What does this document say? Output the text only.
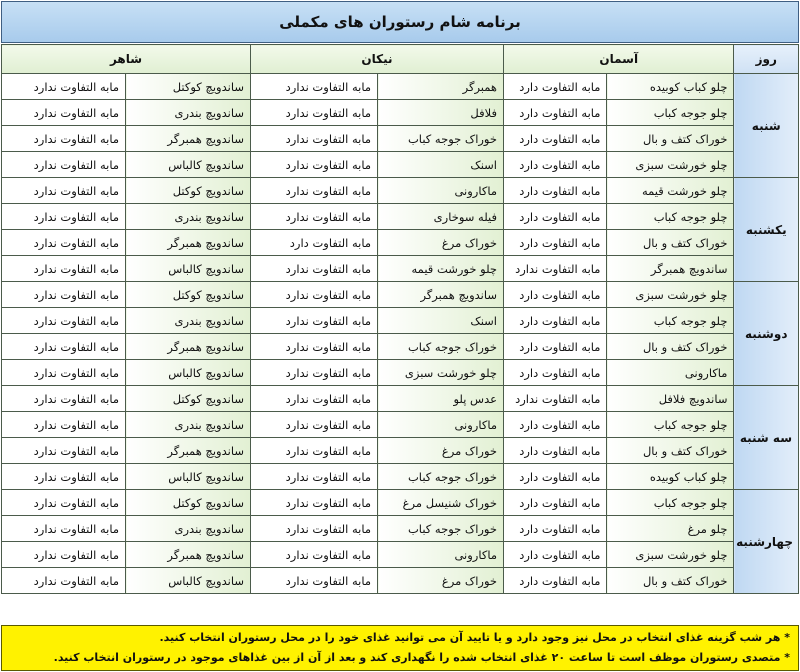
برنامه شام رستوران های مکملی
روز	آسمان		نیکان		شاهر	
شنبه	چلو کباب کوبیده	مابه التفاوت دارد	همبرگر	مابه التفاوت ندارد	ساندویچ کوکتل	مابه التفاوت ندارد
	چلو جوجه کباب	مابه التفاوت دارد	فلافل	مابه التفاوت ندارد	ساندویچ بندری	مابه التفاوت ندارد
	خوراک کتف و بال	مابه التفاوت دارد	خوراک جوجه کباب	مابه التفاوت ندارد	ساندویچ همبرگر	مابه التفاوت ندارد
	چلو خورشت سبزی	مابه التفاوت دارد	اسنک	مابه التفاوت ندارد	ساندویچ کالباس	مابه التفاوت ندارد
یکشنبه	چلو خورشت قیمه	مابه التفاوت دارد	ماکارونی	مابه التفاوت ندارد	ساندویچ کوکتل	مابه التفاوت ندارد
	چلو جوجه کباب	مابه التفاوت دارد	فیله سوخاری	مابه التفاوت ندارد	ساندویچ بندری	مابه التفاوت ندارد
	خوراک کتف و بال	مابه التفاوت دارد	خوراک مرغ	مابه التفاوت دارد	ساندویچ همبرگر	مابه التفاوت ندارد
	ساندویچ همبرگر	مابه التفاوت ندارد	چلو خورشت قیمه	مابه التفاوت ندارد	ساندویچ کالباس	مابه التفاوت ندارد
دوشنبه	چلو خورشت سبزی	مابه التفاوت دارد	ساندویچ همبرگر	مابه التفاوت ندارد	ساندویچ کوکتل	مابه التفاوت ندارد
	چلو جوجه کباب	مابه التفاوت دارد	اسنک	مابه التفاوت ندارد	ساندویچ بندری	مابه التفاوت ندارد
	خوراک کتف و بال	مابه التفاوت دارد	خوراک جوجه کباب	مابه التفاوت ندارد	ساندویچ همبرگر	مابه التفاوت ندارد
	ماکارونی	مابه التفاوت دارد	چلو خورشت سبزی	مابه التفاوت ندارد	ساندویچ کالباس	مابه التفاوت ندارد
سه شنبه	ساندویچ فلافل	مابه التفاوت ندارد	عدس پلو	مابه التفاوت ندارد	ساندویچ کوکتل	مابه التفاوت ندارد
	چلو جوجه کباب	مابه التفاوت دارد	ماکارونی	مابه التفاوت ندارد	ساندویچ بندری	مابه التفاوت ندارد
	خوراک کتف و بال	مابه التفاوت دارد	خوراک مرغ	مابه التفاوت ندارد	ساندویچ همبرگر	مابه التفاوت ندارد
	چلو کباب کوبیده	مابه التفاوت دارد	خوراک جوجه کباب	مابه التفاوت ندارد	ساندویچ کالباس	مابه التفاوت ندارد
چهارشنبه	چلو جوجه کباب	مابه التفاوت دارد	خوراک شنیسل مرغ	مابه التفاوت ندارد	ساندویچ کوکتل	مابه التفاوت ندارد
	چلو مرغ	مابه التفاوت دارد	خوراک جوجه کباب	مابه التفاوت ندارد	ساندویچ بندری	مابه التفاوت ندارد
	چلو خورشت سبزی	مابه التفاوت دارد	ماکارونی	مابه التفاوت ندارد	ساندویچ همبرگر	مابه التفاوت ندارد
	خوراک کتف و بال	مابه التفاوت دارد	خوراک مرغ	مابه التفاوت ندارد	ساندویچ کالباس	مابه التفاوت ندارد
* هر شب گزینه غذای انتخاب در محل نیز وجود دارد و یا تایید آن می توانید غذای خود را در محل رستوران انتخاب کنید.
* متصدی رستوران موظف است تا ساعت ۲۰ غذای انتخاب شده را نگهداری کند و بعد از آن از بین غذاهای موجود در رستوران انتخاب کنید.
